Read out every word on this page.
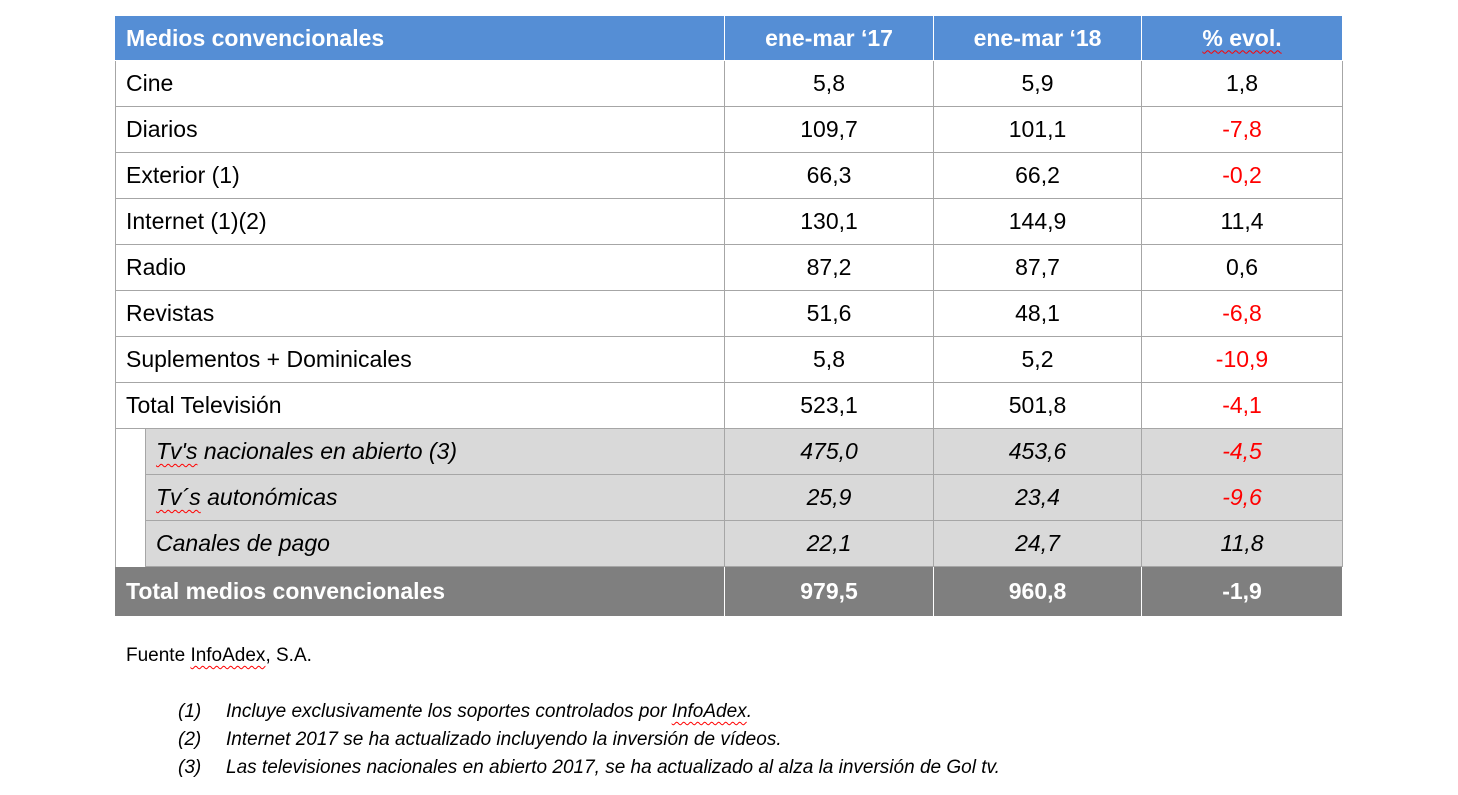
Medios convencionales		ene-mar ‘17	ene-mar ‘18	% evol.
Cine		5,8	5,9	1,8
Diarios		109,7	101,1	-7,8
Exterior (1)		66,3	66,2	-0,2
Internet (1)(2)		130,1	144,9	11,4
Radio		87,2	87,7	0,6
Revistas		51,6	48,1	-6,8
Suplementos + Dominicales		5,8	5,2	-10,9
Total Televisión		523,1	501,8	-4,1
	Tv's nacionales en abierto (3)	475,0	453,6	-4,5
	Tv´s autonómicas	25,9	23,4	-9,6
	Canales de pago	22,1	24,7	11,8
Total medios convencionales		979,5	960,8	-1,9
Fuente InfoAdex, S.A.
(1)	Incluye exclusivamente los soportes controlados por InfoAdex.
(2)	Internet 2017 se ha actualizado incluyendo la inversión de vídeos.
(3)	Las televisiones nacionales en abierto 2017, se ha actualizado al alza la inversión de Gol tv.
